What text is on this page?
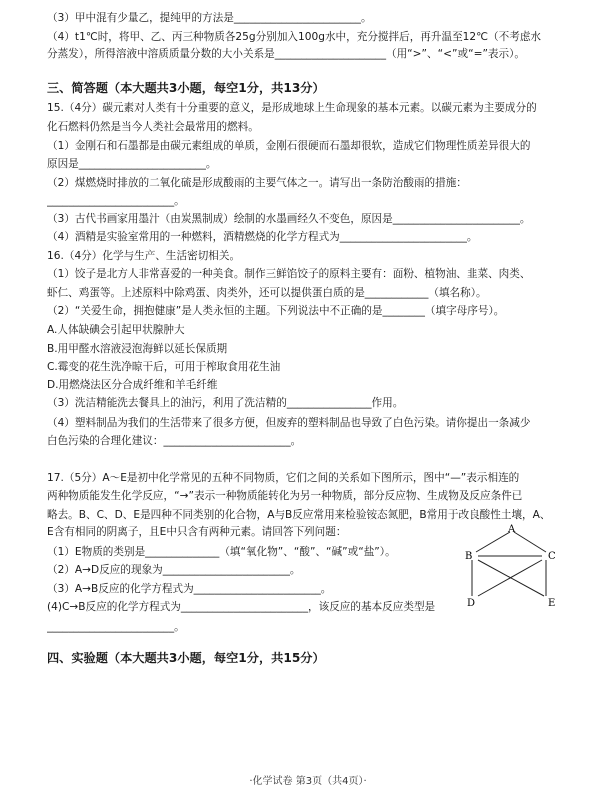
（3）甲中混有少量乙，提纯甲的方法是________________________。
（4）t1℃时，将甲、乙、丙三种物质各25g分别加入100g水中，充分搅拌后，再升温至12℃（不考虑水
分蒸发），所得溶液中溶质质量分数的大小关系是_____________________（用“>”、“<”或“=”表示）。
三、简答题（本大题共3小题，每空1分，共13分）
15.（4分）碳元素对人类有十分重要的意义，是形成地球上生命现象的基本元素。以碳元素为主要成分的
化石燃料仍然是当今人类社会最常用的燃料。
（1）金刚石和石墨都是由碳元素组成的单质，金刚石很硬而石墨却很软，造成它们物理性质差异很大的
原因是________________________。
（2）煤燃烧时排放的二氧化硫是形成酸雨的主要气体之一。请写出一条防治酸雨的措施：
________________________。
（3）古代书画家用墨汁（由炭黑制成）绘制的水墨画经久不变色，原因是________________________。
（4）酒精是实验室常用的一种燃料，酒精燃烧的化学方程式为________________________。
16.（4分）化学与生产、生活密切相关。
（1）饺子是北方人非常喜爱的一种美食。制作三鲜馅饺子的原料主要有：面粉、植物油、韭菜、肉类、
虾仁、鸡蛋等。上述原料中除鸡蛋、肉类外，还可以提供蛋白质的是____________（填名称）。
（2）“关爱生命，拥抱健康”是人类永恒的主题。下列说法中不正确的是________（填字母序号）。
A.人体缺碘会引起甲状腺肿大
B.用甲醛水溶液浸泡海鲜以延长保质期
C.霉变的花生洗净晾干后，可用于榨取食用花生油
D.用燃烧法区分合成纤维和羊毛纤维
（3）洗洁精能洗去餐具上的油污，利用了洗洁精的________________作用。
（4）塑料制品为我们的生活带来了很多方便，但废弃的塑料制品也导致了白色污染。请你提出一条减少
白色污染的合理化建议：________________________。
17.（5分）A～E是初中化学常见的五种不同物质，它们之间的关系如下图所示，图中“—”表示相连的
两种物质能发生化学反应，“→”表示一种物质能转化为另一种物质，部分反应物、生成物及反应条件已
略去。B、C、D、E是四种不同类别的化合物，A与B反应常用来检验铵态氮肥，B常用于改良酸性土壤，A、
E含有相同的阴离子，且E中只含有两种元素。请回答下列问题：
（1）E物质的类别是______________（填“氧化物”、“酸”、“碱”或“盐”）。
（2）A→D反应的现象为________________________。
（3）A→B反应的化学方程式为________________________。
(4)C→B反应的化学方程式为________________________，该反应的基本反应类型是
________________________。
四、实验题（本大题共3小题，每空1分，共15分）
A
B	C
D	E
·化学试卷 第3页（共4页）·
